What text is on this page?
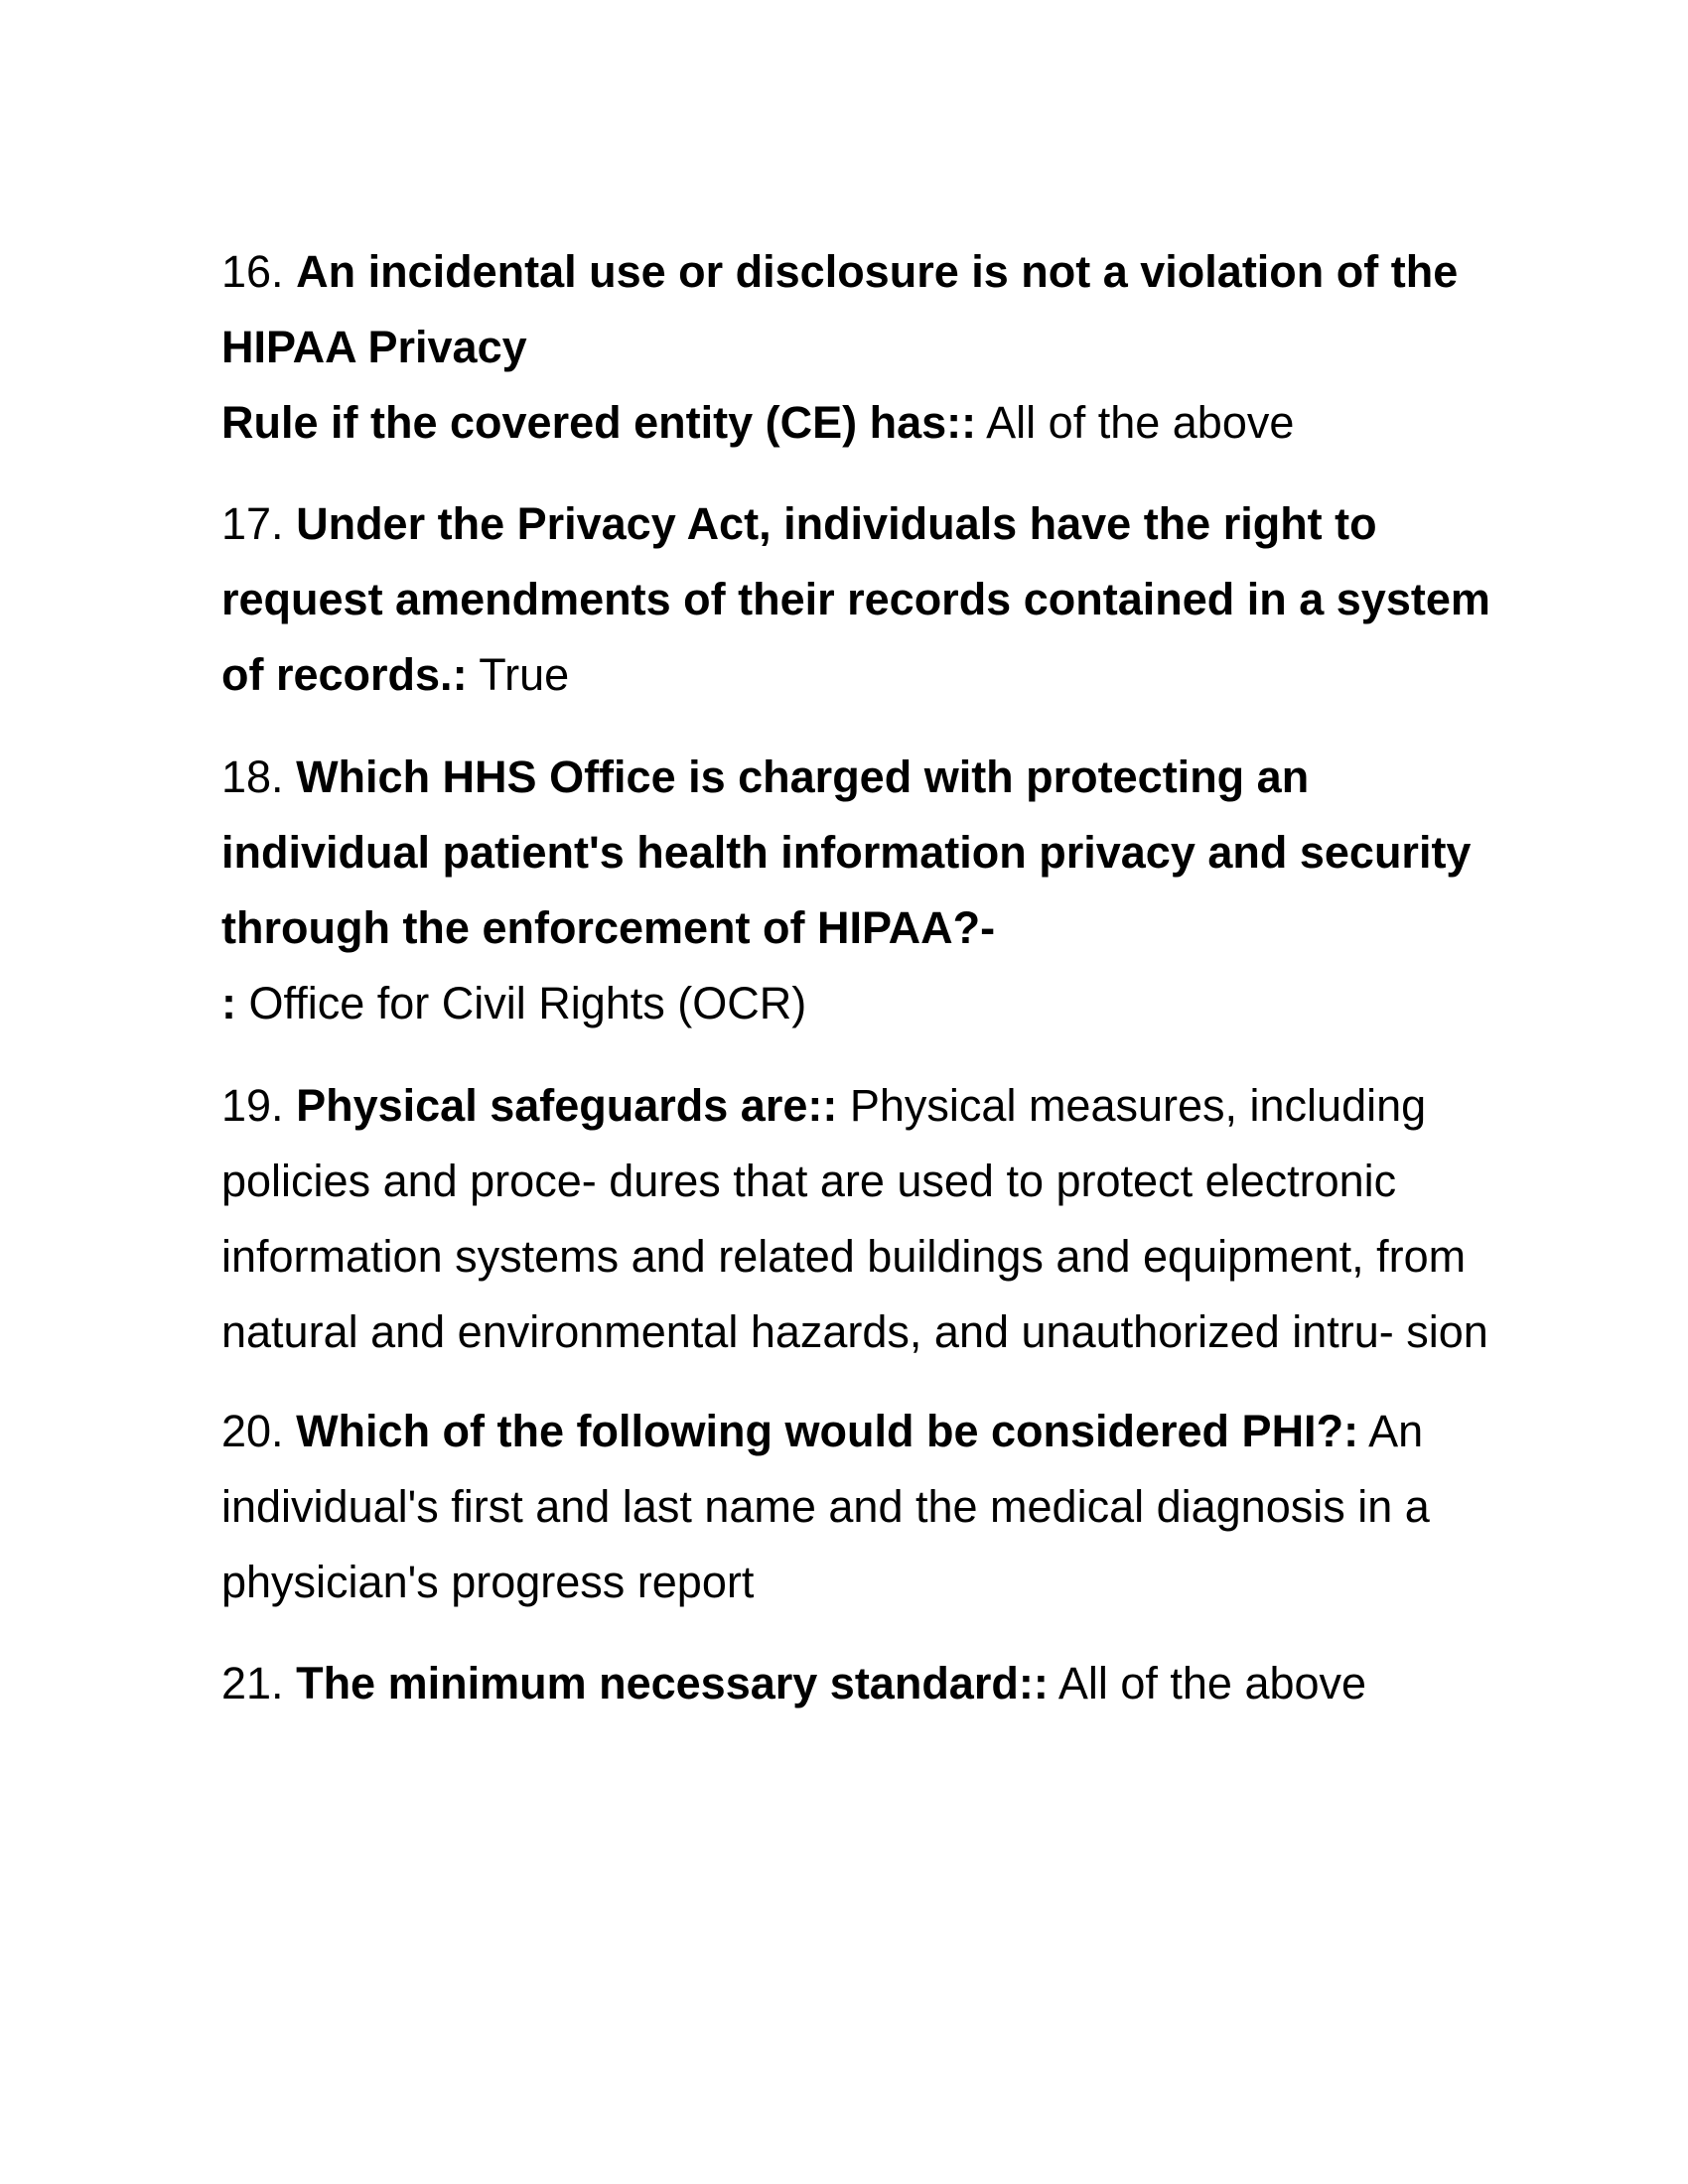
16. An incidental use or disclosure is not a violation of the HIPAA Privacy
Rule if the covered entity (CE) has:: All of the above

17. Under the Privacy Act, individuals have the right to request amendments of their records contained in a system of records.: True

18. Which HHS Office is charged with protecting an individual patient's health information privacy and security through the enforcement of HIPAA?-
: Office for Civil Rights (OCR)

19. Physical safeguards are:: Physical measures, including policies and proce- dures that are used to protect electronic information systems and related buildings and equipment, from natural and environmental hazards, and unauthorized intru- sion

20. Which of the following would be considered PHI?: An individual's first and last name and the medical diagnosis in a physician's progress report

21. The minimum necessary standard:: All of the above
